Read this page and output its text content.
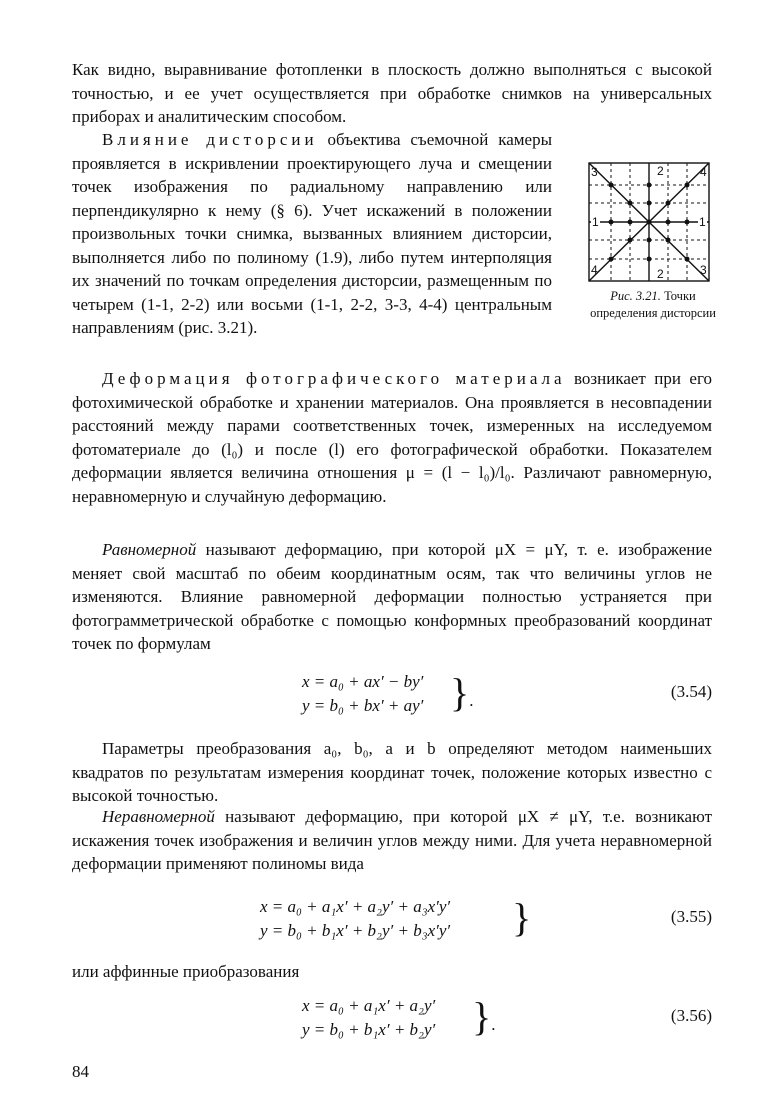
Как видно, выравнивание фотопленки в плоскость должно выполняться с высокой точностью, и ее учет осуществляется при обработке снимков на универсальных приборах и аналитическим способом.

Влияние дисторсии объектива съемочной камеры проявляется в искривлении проектирующего луча и смещении точек изображения по радиальному направлению или перпендикулярно к нему (§ 6). Учет искажений в положении произвольных точки снимка, вызванных влиянием дисторсии, выполняется либо по полиному (1.9), либо путем интерполяция их значений по точкам определения дисторсии, размещенным по четырем (1-1, 2-2) или восьми (1-1, 2-2, 3-3, 4-4) центральным направлениям (рис. 3.21).

2
2
1	1
3
3
4
4
Рис. 3.21. Точки определения дисторсии

Деформация фотографического материала возникает при его фотохимической обработке и хранении материалов. Она проявляется в несовпадении расстояний между парами соответственных точек, измеренных на исследуемом фотоматериале до (l₀) и после (l) его фотографической обработки. Показателем деформации является величина отношения μ = (l − l₀)/l₀. Различают равномерную, неравномерную и случайную деформацию.

Равномерной называют деформацию, при которой μX = μY, т. е. изображение меняет свой масштаб по обеим координатным осям, так что величины углов не изменяются. Влияние равномерной деформации полностью устраняется при фотограмметрической обработке с помощью конформных преобразований координат точек по формулам

x = a₀ + ax′ − by′
y = b₀ + bx′ + ay′ }.	(3.54)

Параметры преобразования a₀, b₀, a и b определяют методом наименьших квадратов по результатам измерения координат точек, положение которых известно с высокой точностью.

Неравномерной называют деформацию, при которой μX ≠ μY, т.е. возникают искажения точек изображения и величин углов между ними. Для учета неравномерной деформации применяют полиномы вида

x = a₀ + a₁x′ + a₂y′ + a₃x′y′
y = b₀ + b₁x′ + b₂y′ + b₃x′y′ }	(3.55)

или аффинные приобразования

x = a₀ + a₁x′ + a₂y′
y = b₀ + b₁x′ + b₂y′ }.	(3.56)
84
